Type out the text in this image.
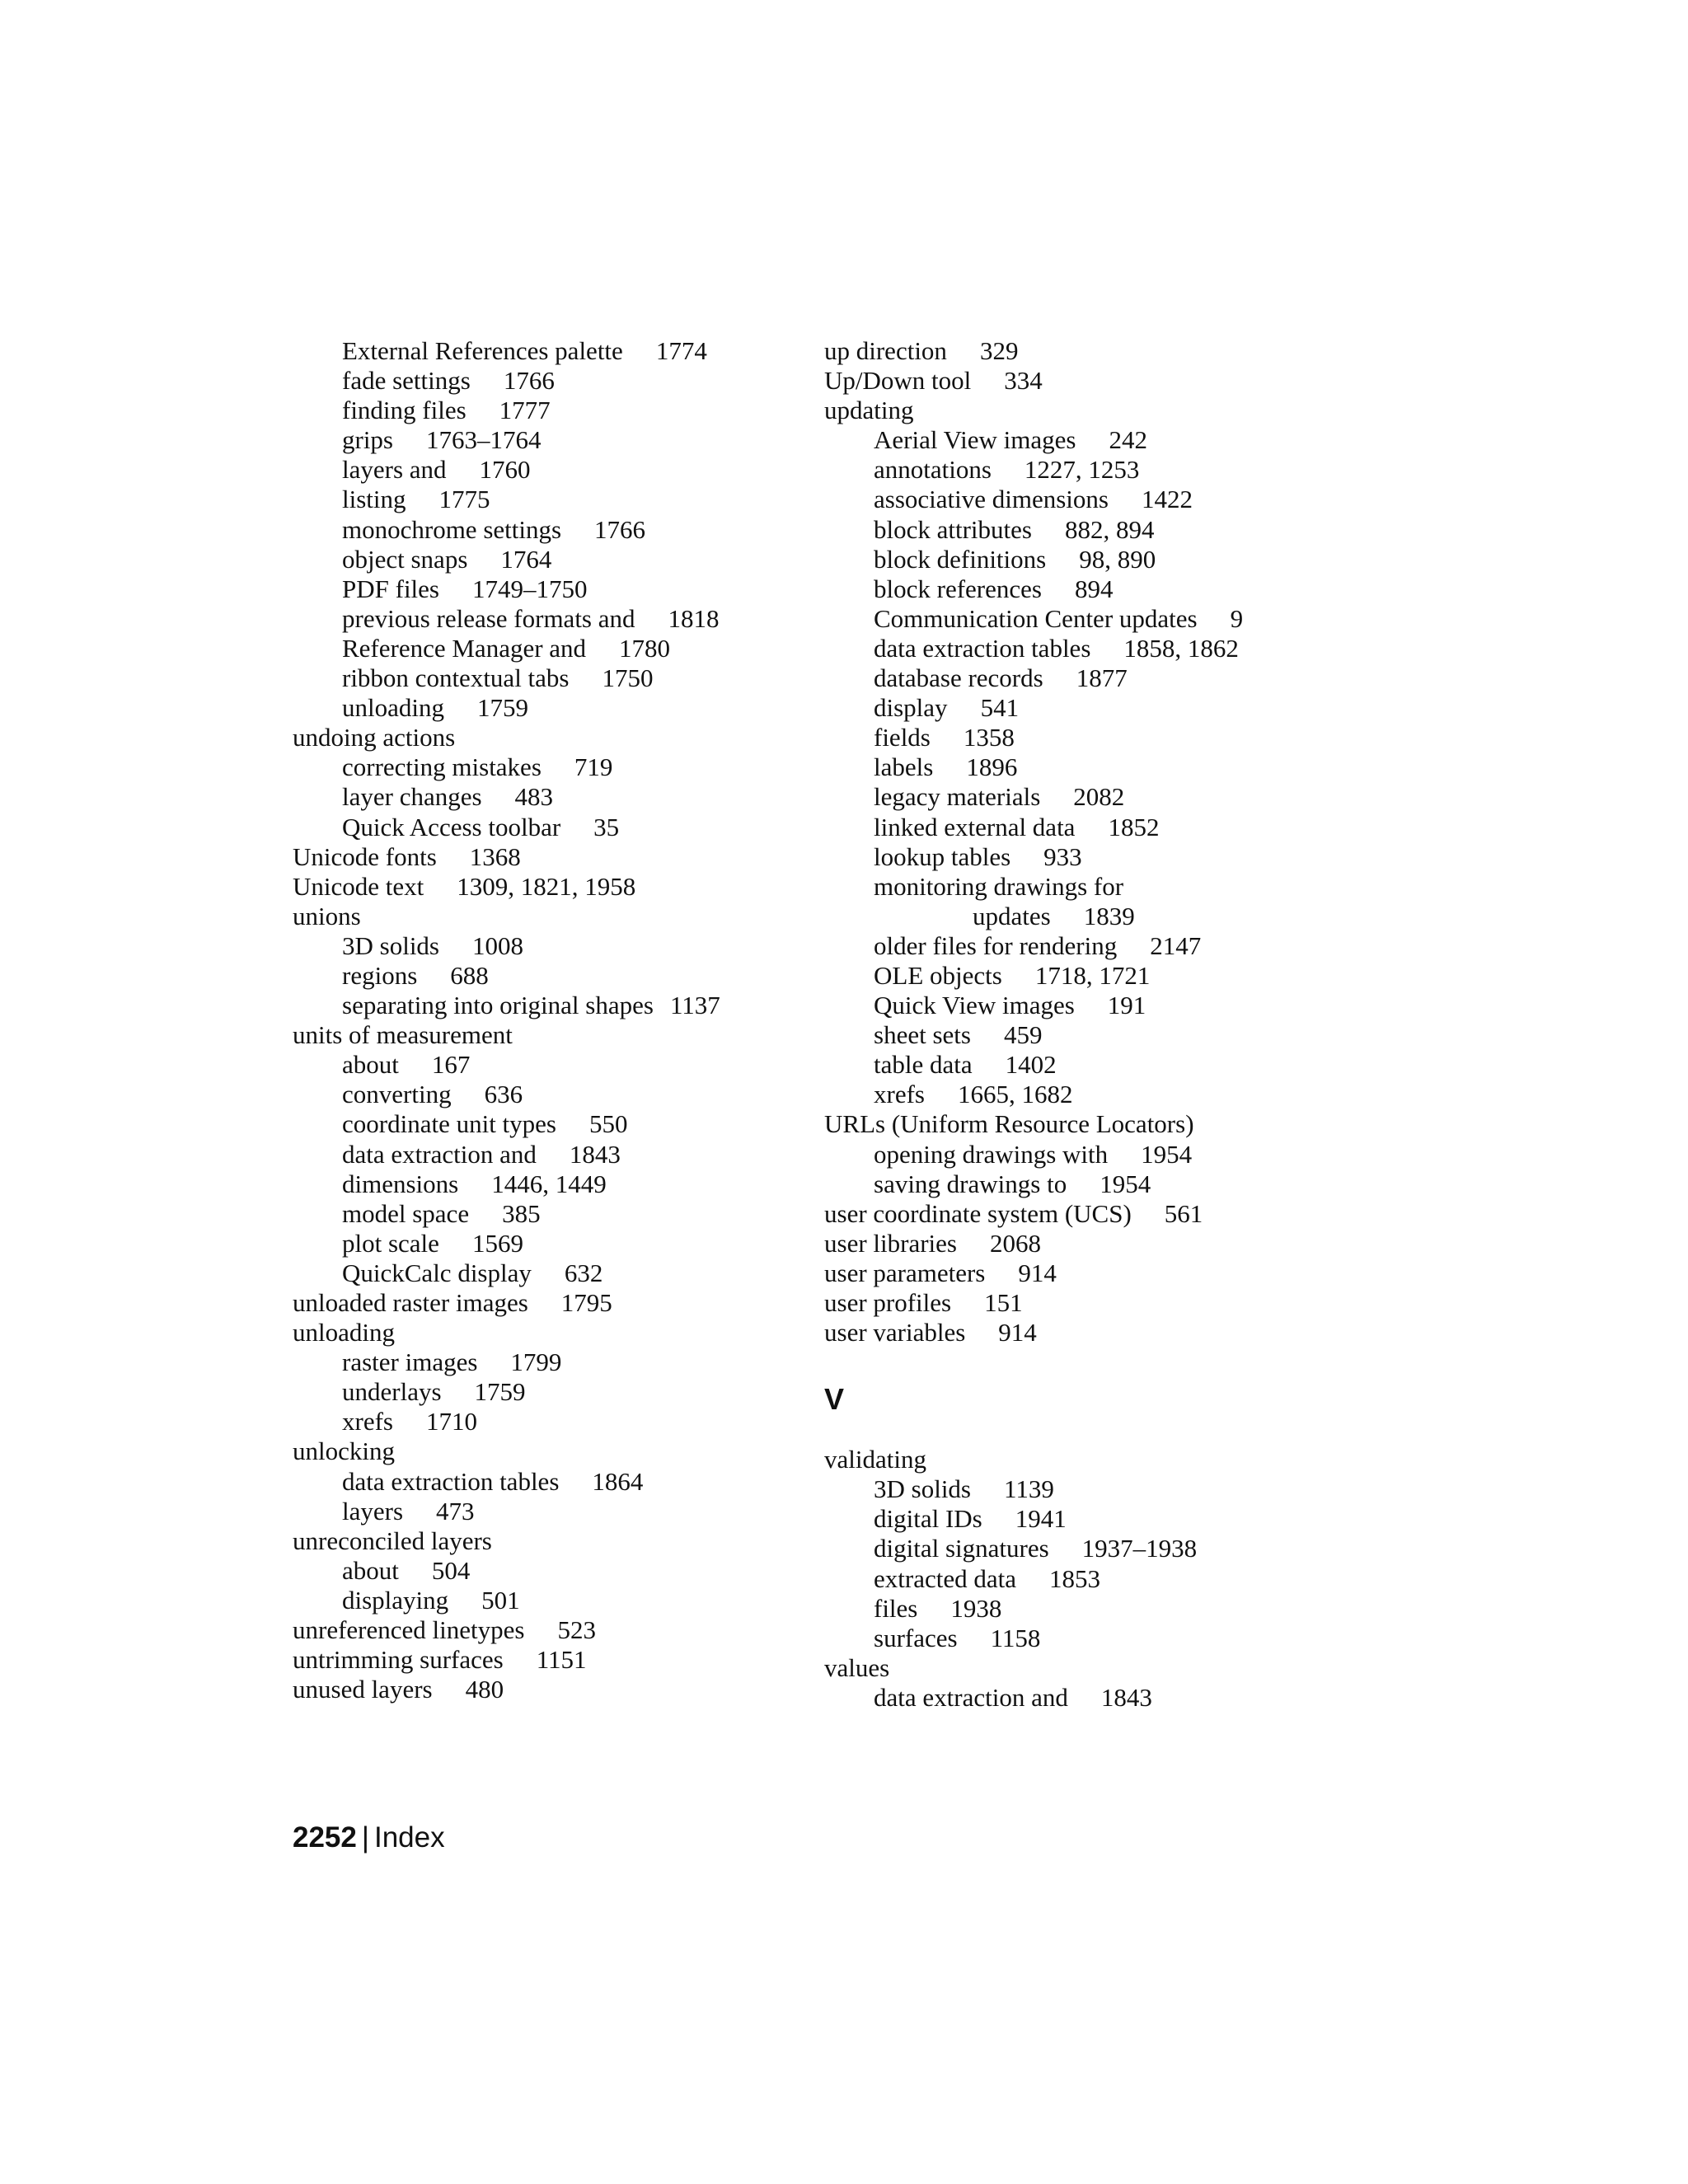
External References palette 1774
fade settings 1766
finding files 1777
grips 1763–1764
layers and 1760
listing 1775
monochrome settings 1766
object snaps 1764
PDF files 1749–1750
previous release formats and 1818
Reference Manager and 1780
ribbon contextual tabs 1750
unloading 1759
undoing actions
correcting mistakes 719
layer changes 483
Quick Access toolbar 35
Unicode fonts 1368
Unicode text 1309, 1821, 1958
unions
3D solids 1008
regions 688
separating into original shapes 1137
units of measurement
about 167
converting 636
coordinate unit types 550
data extraction and 1843
dimensions 1446, 1449
model space 385
plot scale 1569
QuickCalc display 632
unloaded raster images 1795
unloading
raster images 1799
underlays 1759
xrefs 1710
unlocking
data extraction tables 1864
layers 473
unreconciled layers
about 504
displaying 501
unreferenced linetypes 523
untrimming surfaces 1151
unused layers 480
up direction 329
Up/Down tool 334
updating
Aerial View images 242
annotations 1227, 1253
associative dimensions 1422
block attributes 882, 894
block definitions 98, 890
block references 894
Communication Center updates 9
data extraction tables 1858, 1862
database records 1877
display 541
fields 1358
labels 1896
legacy materials 2082
linked external data 1852
lookup tables 933
monitoring drawings for
updates 1839
older files for rendering 2147
OLE objects 1718, 1721
Quick View images 191
sheet sets 459
table data 1402
xrefs 1665, 1682
URLs (Uniform Resource Locators)
opening drawings with 1954
saving drawings to 1954
user coordinate system (UCS) 561
user libraries 2068
user parameters 914
user profiles 151
user variables 914
V
validating
3D solids 1139
digital IDs 1941
digital signatures 1937–1938
extracted data 1853
files 1938
surfaces 1158
values
data extraction and 1843
2252 | Index
